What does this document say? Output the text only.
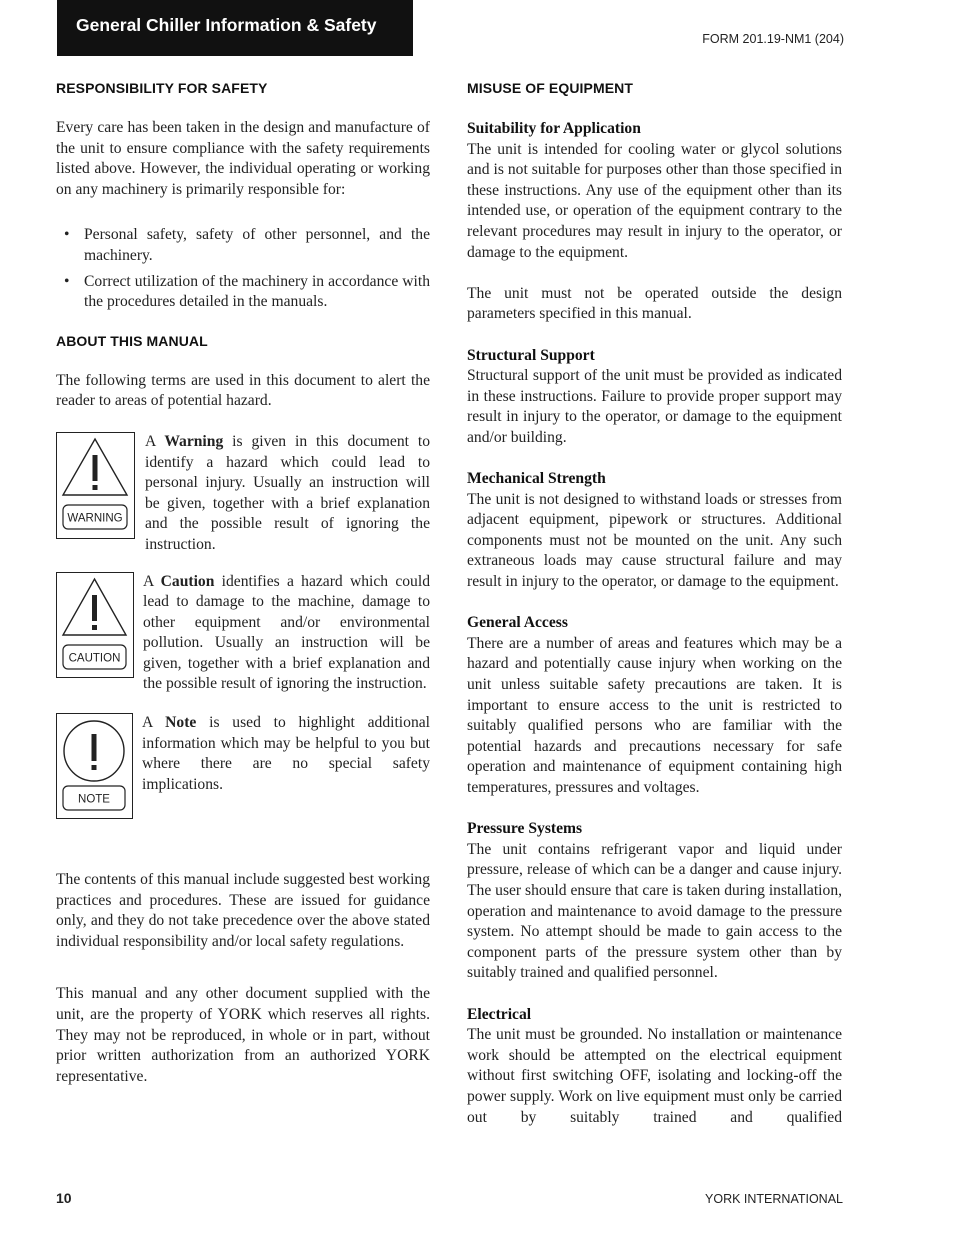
General Chiller Information & Safety
FORM 201.19-NM1 (204)
RESPONSIBILITY FOR SAFETY

Every care has been taken in the design and manufacture of the unit to ensure compliance with the safety requirements listed above. However, the individual operating or working on any machinery is primarily responsible for:

• Personal safety, safety of other personnel, and the machinery.
• Correct utilization of the machinery in accordance with the procedures detailed in the manuals.
ABOUT THIS MANUAL

The following terms are used in this document to alert the reader to areas of potential hazard.

WARNING
A Warning is given in this document to identify a hazard which could lead to personal injury. Usually an instruction will be given, together with a brief explanation and the possible result of ignoring the instruction.
CAUTION
A Caution identifies a hazard which could lead to damage to the machine, damage to other equipment and/or environmental pollution. Usually an instruction will be given, together with a brief explanation and the possible result of ignoring the instruction.
NOTE
A Note is used to highlight additional information which may be helpful to you but where there are no special safety implications.

The contents of this manual include suggested best working practices and procedures. These are issued for guidance only, and they do not take precedence over the above stated individual responsibility and/or local safety regulations.

This manual and any other document supplied with the unit, are the property of YORK which reserves all rights. They may not be reproduced, in whole or in part, without prior written authorization from an authorized YORK representative.

MISUSE OF EQUIPMENT
Suitability for Application

The unit is intended for cooling water or glycol solutions and is not suitable for purposes other than those specified in these instructions. Any use of the equipment other than its intended use, or operation of the equipment contrary to the relevant procedures may result in injury to the operator, or damage to the equipment.

The unit must not be operated outside the design parameters specified in this manual.

Structural Support

Structural support of the unit must be provided as indicated in these instructions. Failure to provide proper support may result in injury to the operator, or damage to the equipment and/or building.

Mechanical Strength

The unit is not designed to withstand loads or stresses from adjacent equipment, pipework or structures. Additional components must not be mounted on the unit. Any such extraneous loads may cause structural failure and may result in injury to the operator, or damage to the equipment.

General Access

There are a number of areas and features which may be a hazard and potentially cause injury when working on the unit unless suitable safety precautions are taken. It is important to ensure access to the unit is restricted to suitably qualified persons who are familiar with the potential hazards and precautions necessary for safe operation and maintenance of equipment containing high temperatures, pressures and voltages.

Pressure Systems

The unit contains refrigerant vapor and liquid under pressure, release of which can be a danger and cause injury. The user should ensure that care is taken during installation, operation and maintenance to avoid damage to the pressure system. No attempt should be made to gain access to the component parts of the pressure system other than by suitably trained and qualified personnel.

Electrical

The unit must be grounded. No installation or maintenance work should be attempted on the electrical equipment without first switching OFF, isolating and locking-off the power supply. Work on live equipment must only be carried out by suitably trained and qualified

10	YORK INTERNATIONAL
